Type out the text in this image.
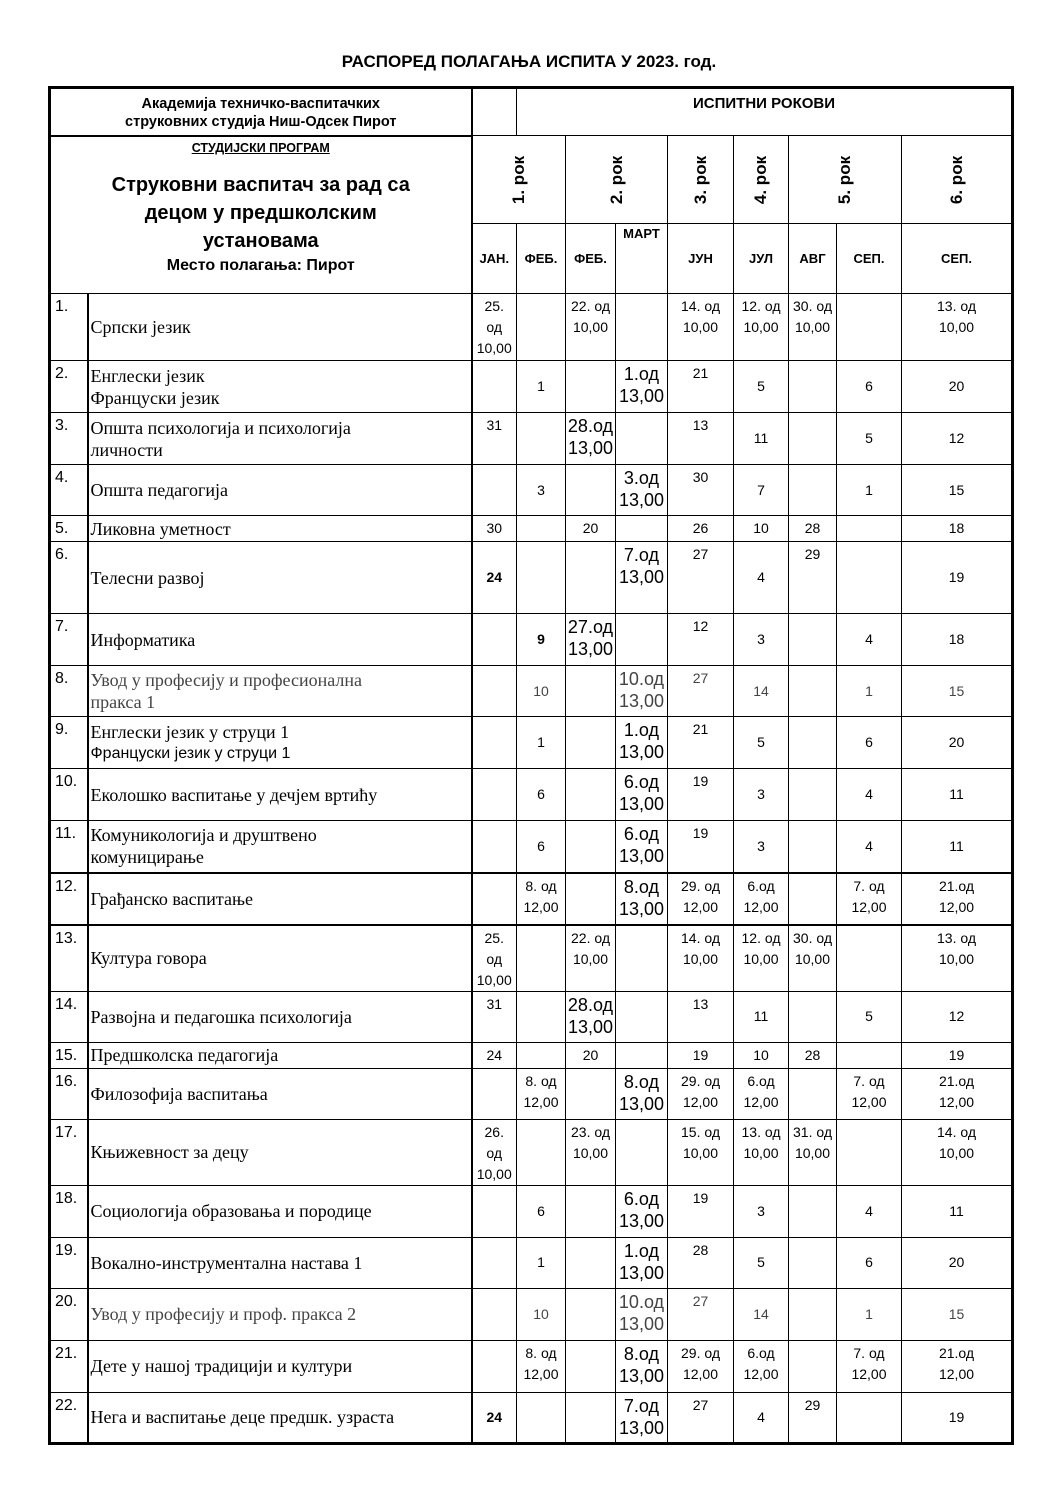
РАСПОРЕД ПОЛАГАЊА ИСПИТА У 2023. год.
Академија техничко-васпитачких
струковних студија Ниш-Одсек Пирот			ИСПИТНИ РОКОВИ							

СТУДИЈСКИ ПРОГРАМ
Струковни васпитач за рад са
децом у предшколским
установама
Место полагања: Пирот		1. рок		2. рок		3. рок	4. рок	5. рок		6. рок

		ЈАН.	ФЕБ.	ФЕБ.	МАРТ	ЈУН	ЈУЛ	АВГ	СЕП.	СЕП.
1.	Српски језик	25.
од
10,00		22. од
10,00		14. од
10,00	12. од
10,00	30. од
10,00		13. од
10,00
2.	Енглески језик
Француски језик		1		1.од
13,00	21	5		6	20
3.	Општа психологија и психологија
личности	31		28.од
13,00		13	11		5	12
4.	Општа педагогија		3		3.од
13,00	30	7		1	15
5.	Ликовна уметност	30		20		26	10	28		18
6.	Телесни развој	24			7.од
13,00	27	4	29		19
7.	Информатика		9	27.од
13,00		12	3		4	18
8.	Увод у професију и професионална
пракса 1		10		10.од
13,00	27	14		1	15
9.	Енглески језик у струци 1
Француски језик у струци 1		1		1.од
13,00	21	5		6	20
10.	Еколошко васпитање у дечјем вртићу		6		6.од
13,00	19	3		4	11
11.	Комуникологија и друштвено
комуницирање		6		6.од
13,00	19	3		4	11
12.	Грађанско васпитање		8. од
12,00		8.од
13,00	29. од
12,00	6.од
12,00		7. од
12,00	21.од
12,00
13.	Култура говора	25.
од
10,00		22. од
10,00		14. од
10,00	12. од
10,00	30. од
10,00		13. од
10,00
14.	Развојна и педагошка психологија	31		28.од
13,00		13	11		5	12
15.	Предшколска педагогија	24		20		19	10	28		19
16.	Филозофија васпитања		8. од
12,00		8.од
13,00	29. од
12,00	6.од
12,00		7. од
12,00	21.од
12,00
17.	Књижевност за децу	26.
од
10,00		23. од
10,00		15. од
10,00	13. од
10,00	31. од
10,00		14. од
10,00
18.	Социологија образовања и породице		6		6.од
13,00	19	3		4	11
19.	Вокално-инструментална настава 1		1		1.од
13,00	28	5		6	20
20.	Увод у професију и проф. пракса 2		10		10.од
13,00	27	14		1	15
21.	Дете у нашој традицији и култури		8. од
12,00		8.од
13,00	29. од
12,00	6.од
12,00		7. од
12,00	21.од
12,00
22.	Нега и васпитање деце предшк. узраста	24			7.од
13,00	27	4	29		19
